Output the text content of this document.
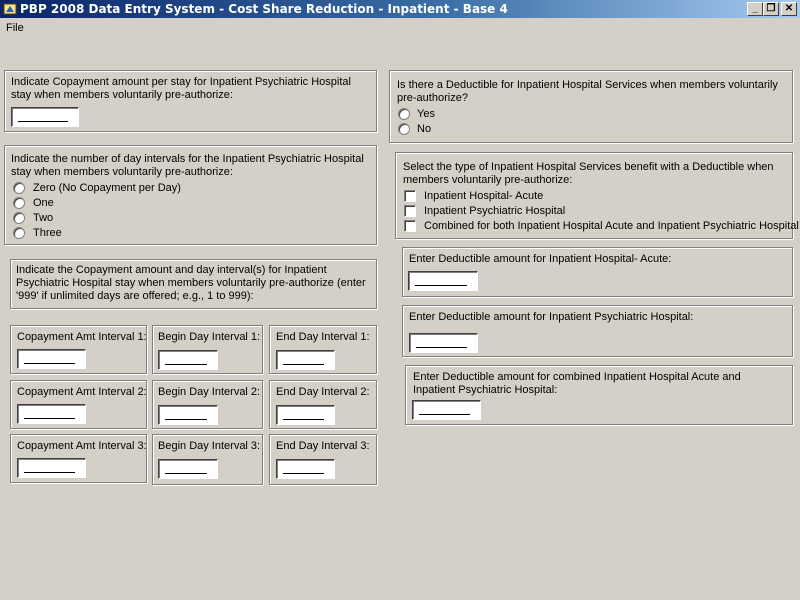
PBP 2008 Data Entry System - Cost Share Reduction - Inpatient - Base 4	_ ❐ ✕
File
Indicate Copayment amount per stay for Inpatient Psychiatric Hospital stay when members voluntarily pre-authorize:
Indicate the number of day intervals for the Inpatient Psychiatric Hospital stay when members voluntarily pre-authorize:
Zero (No Copayment per Day)
One
Two
Three
Indicate the Copayment amount and day interval(s) for Inpatient Psychiatric Hospital stay when members voluntarily pre-authorize (enter '999' if unlimited days are offered; e.g., 1 to 999):
Copayment Amt Interval 1: Begin Day Interval 1: End Day Interval 1:
Copayment Amt Interval 2: Begin Day Interval 2: End Day Interval 2:
Copayment Amt Interval 3: Begin Day Interval 3: End Day Interval 3:
Is there a Deductible for Inpatient Hospital Services when members voluntarily pre-authorize?
Yes
No
Select the type of Inpatient Hospital Services benefit with a Deductible when members voluntarily pre-authorize:
Inpatient Hospital- Acute
Inpatient Psychiatric Hospital
Combined for both Inpatient Hospital Acute and Inpatient Psychiatric Hospital
Enter Deductible amount for Inpatient Hospital- Acute:
Enter Deductible amount for Inpatient Psychiatric Hospital:
Enter Deductible amount for combined Inpatient Hospital Acute and Inpatient Psychiatric Hospital:
